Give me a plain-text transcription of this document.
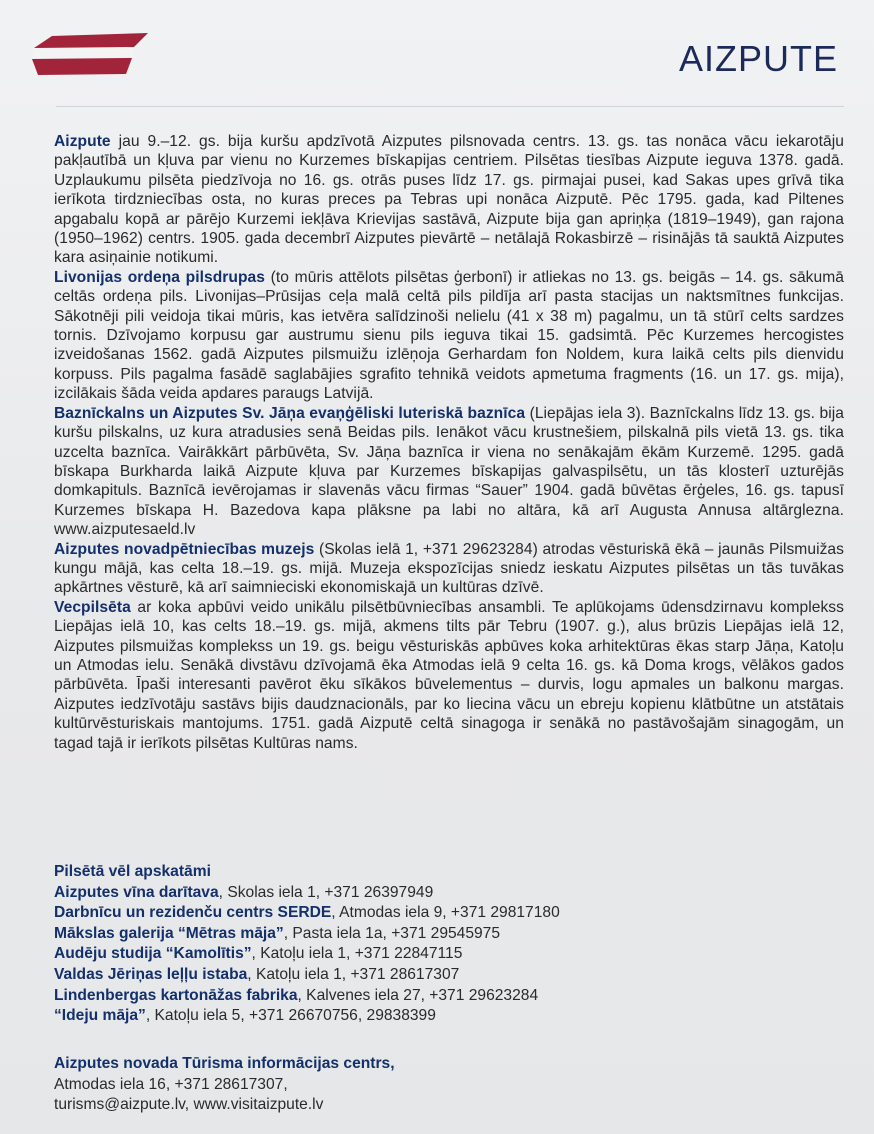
AIZPUTE

Aizpute jau 9.–12. gs. bija kuršu apdzīvotā Aizputes pilsnovada centrs. 13. gs. tas nonāca vācu iekarotāju pakļautībā un kļuva par vienu no Kurzemes bīskapijas centriem. Pilsētas tiesības Aizpute ieguva 1378. gadā. Uzplaukumu pilsēta piedzīvoja no 16. gs. otrās puses līdz 17. gs. pirmajai pusei, kad Sakas upes grīvā tika ierīkota tirdzniecības osta, no kuras preces pa Tebras upi nonāca Aizputē. Pēc 1795. gada, kad Piltenes apgabalu kopā ar pārējo Kurzemi iekļāva Krievijas sastāvā, Aizpute bija gan apriņķa (1819–1949), gan rajona (1950–1962) centrs. 1905. gada decembrī Aizputes pievārtē – netālajā Rokasbirzē – risinājās tā sauktā Aizputes kara asiņainie notikumi.

Livonijas ordeņa pilsdrupas (to mūris attēlots pilsētas ģerbonī) ir atliekas no 13. gs. beigās – 14. gs. sākumā celtās ordeņa pils. Livonijas–Prūsijas ceļa malā celtā pils pildīja arī pasta stacijas un naktsmītnes funkcijas. Sākotnēji pili veidoja tikai mūris, kas ietvēra salīdzinoši nelielu (41 x 38 m) pagalmu, un tā stūrī celts sardzes tornis. Dzīvojamo korpusu gar austrumu sienu pils ieguva tikai 15. gadsimtā. Pēc Kurzemes hercogistes izveidošanas 1562. gadā Aizputes pilsmuižu izlēņoja Gerhardam fon Noldem, kura laikā celts pils dienvidu korpuss. Pils pagalma fasādē saglabājies sgrafito tehnikā veidots apmetuma fragments (16. un 17. gs. mija), izcilākais šāda veida apdares paraugs Latvijā.

Baznīckalns un Aizputes Sv. Jāņa evaņģēliski luteriskā baznīca (Liepājas iela 3). Baznīckalns līdz 13. gs. bija kuršu pilskalns, uz kura atradusies senā Beidas pils. Ienākot vācu krustnešiem, pilskalnā pils vietā 13. gs. tika uzcelta baznīca. Vairākkārt pārbūvēta, Sv. Jāņa baznīca ir viena no senākajām ēkām Kurzemē. 1295. gadā bīskapa Burkharda laikā Aizpute kļuva par Kurzemes bīskapijas galvaspilsētu, un tās klosterī uzturējās domkapituls. Baznīcā ievērojamas ir slavenās vācu firmas “Sauer” 1904. gadā būvētas ērģeles, 16. gs. tapusī Kurzemes bīskapa H. Bazedova kapa plāksne pa labi no altāra, kā arī Augusta Annusa altārglezna. www.aizputesaeld.lv

Aizputes novadpētniecības muzejs (Skolas ielā 1, +371 29623284) atrodas vēsturiskā ēkā – jaunās Pilsmuižas kungu mājā, kas celta 18.–19. gs. mijā. Muzeja ekspozīcijas sniedz ieskatu Aizputes pilsētas un tās tuvākas apkārtnes vēsturē, kā arī saimnieciski ekonomiskajā un kultūras dzīvē.

Vecpilsēta ar koka apbūvi veido unikālu pilsētbūvniecības ansambli. Te aplūkojams ūdensdzirnavu komplekss Liepājas ielā 10, kas celts 18.–19. gs. mijā, akmens tilts pār Tebru (1907. g.), alus brūzis Liepājas ielā 12, Aizputes pilsmuižas komplekss un 19. gs. beigu vēsturiskās apbūves koka arhitektūras ēkas starp Jāņa, Katoļu un Atmodas ielu. Senākā divstāvu dzīvojamā ēka Atmodas ielā 9 celta 16. gs. kā Doma krogs, vēlākos gados pārbūvēta. Īpaši interesanti pavērot ēku sīkākos būvelementus – durvis, logu apmales un balkonu margas. Aizputes iedzīvotāju sastāvs bijis daudznacionāls, par ko liecina vācu un ebreju kopienu klātbūtne un atstātais kultūrvēsturiskais mantojums. 1751. gadā Aizputē celtā sinagoga ir senākā no pastāvošajām sinagogām, un tagad tajā ir ierīkots pilsētas Kultūras nams.

Pilsētā vēl apskatāmi
Aizputes vīna darītava, Skolas iela 1, +371 26397949
Darbnīcu un rezidenču centrs SERDE, Atmodas iela 9, +371 29817180
Mākslas galerija “Mētras māja”, Pasta iela 1a, +371 29545975
Audēju studija “Kamolītis”, Katoļu iela 1, +371 22847115
Valdas Jēriņas leļļu istaba, Katoļu iela 1, +371 28617307
Lindenbergas kartonāžas fabrika, Kalvenes iela 27, +371 29623284
“Ideju māja”, Katoļu iela 5, +371 26670756, 29838399
Aizputes novada Tūrisma informācijas centrs,
Atmodas iela 16, +371 28617307,
turisms@aizpute.lv, www.visitaizpute.lv
